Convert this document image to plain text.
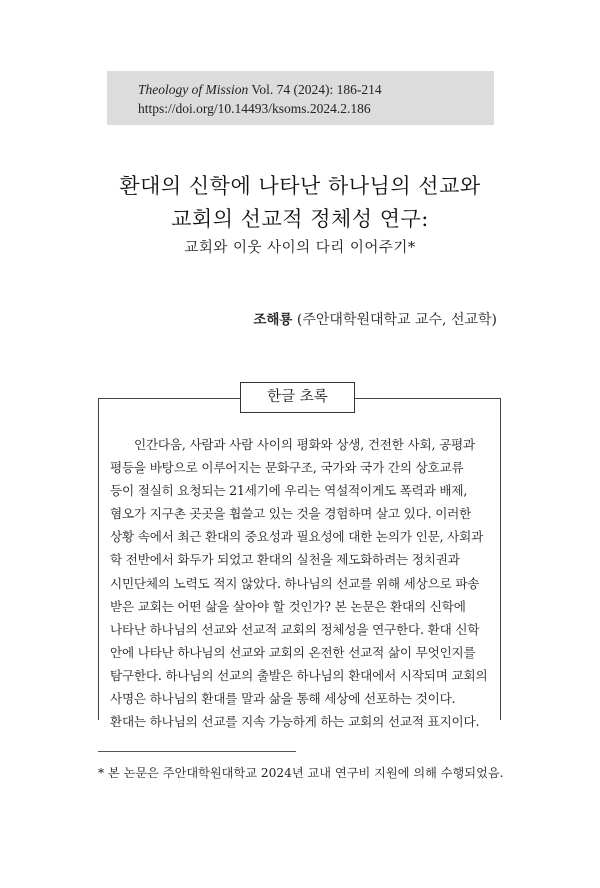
Theology of Mission Vol. 74 (2024): 186-214
https://doi.org/10.14493/ksoms.2024.2.186
환대의 신학에 나타난 하나님의 선교와
교회의 선교적 정체성 연구:
교회와 이웃 사이의 다리 이어주기*
조해룡 (주안대학원대학교 교수, 선교학)
한글 초록
인간다움, 사람과 사람 사이의 평화와 상생, 건전한 사회, 공평과
평등을 바탕으로 이루어지는 문화구조, 국가와 국가 간의 상호교류
등이 절실히 요청되는 21세기에 우리는 역설적이게도 폭력과 배제,
혐오가 지구촌 곳곳을 휩쓸고 있는 것을 경험하며 살고 있다. 이러한
상황 속에서 최근 환대의 중요성과 필요성에 대한 논의가 인문, 사회과
학 전반에서 화두가 되었고 환대의 실천을 제도화하려는 정치권과
시민단체의 노력도 적지 않았다. 하나님의 선교를 위해 세상으로 파송
받은 교회는 어떤 삶을 살아야 할 것인가? 본 논문은 환대의 신학에
나타난 하나님의 선교와 선교적 교회의 정체성을 연구한다. 환대 신학
안에 나타난 하나님의 선교와 교회의 온전한 선교적 삶이 무엇인지를
탐구한다. 하나님의 선교의 출발은 하나님의 환대에서 시작되며 교회의
사명은 하나님의 환대를 말과 삶을 통해 세상에 선포하는 것이다.
환대는 하나님의 선교를 지속 가능하게 하는 교회의 선교적 표지이다.
* 본 논문은 주안대학원대학교 2024년 교내 연구비 지원에 의해 수행되었음.
